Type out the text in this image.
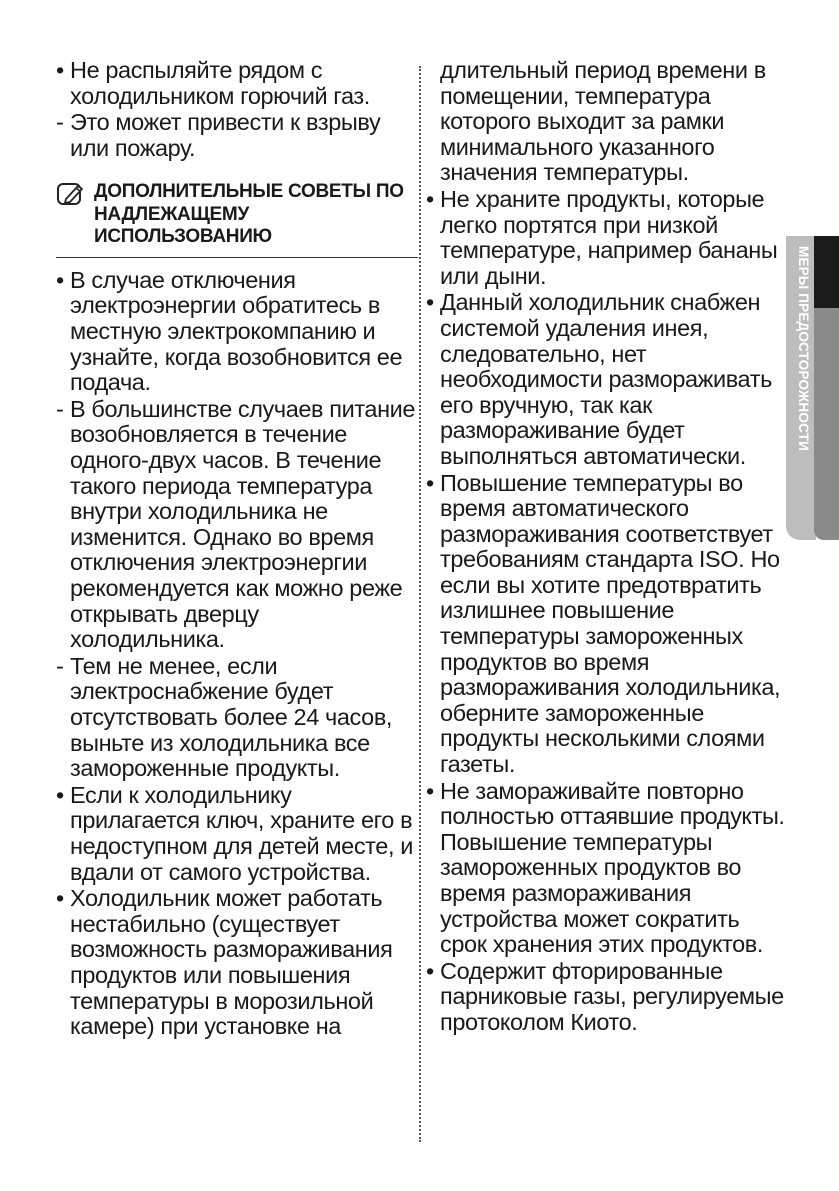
• Не распыляйте рядом с холодильником горючий газ.
- Это может привести к взрыву или пожару.
ДОПОЛНИТЕЛЬНЫЕ СОВЕТЫ ПО НАДЛЕЖАЩЕМУ ИСПОЛЬЗОВАНИЮ
• В случае отключения электроэнергии обратитесь в местную электрокомпанию и узнайте, когда возобновится ее подача.
- В большинстве случаев питание возобновляется в течение одного-двух часов. В течение такого периода температура внутри холодильника не изменится. Однако во время отключения электроэнергии рекомендуется как можно реже открывать дверцу холодильника.
- Тем не менее, если электроснабжение будет отсутствовать более 24 часов, выньте из холодильника все замороженные продукты.
• Если к холодильнику прилагается ключ, храните его в недоступном для детей месте, и вдали от самого устройства.
• Холодильник может работать нестабильно (существует возможность размораживания продуктов или повышения температуры в морозильной камере) при установке на
длительный период времени в помещении, температура которого выходит за рамки минимального указанного значения температуры.
• Не храните продукты, которые легко портятся при низкой температуре, например бананы или дыни.
• Данный холодильник снабжен системой удаления инея, следовательно, нет необходимости размораживать его вручную, так как размораживание будет выполняться автоматически.
• Повышение температуры во время автоматического размораживания соответствует требованиям стандарта ISO. Но если вы хотите предотвратить излишнее повышение температуры замороженных продуктов во время размораживания холодильника, оберните замороженные продукты несколькими слоями газеты.
• Не замораживайте повторно полностью оттаявшие продукты. Повышение температуры замороженных продуктов во время размораживания устройства может сократить срок хранения этих продуктов.
• Содержит фторированные парниковые газы, регулируемые протоколом Киото.
МЕРЫ ПРЕДОСТОРОЖНОСТИ
